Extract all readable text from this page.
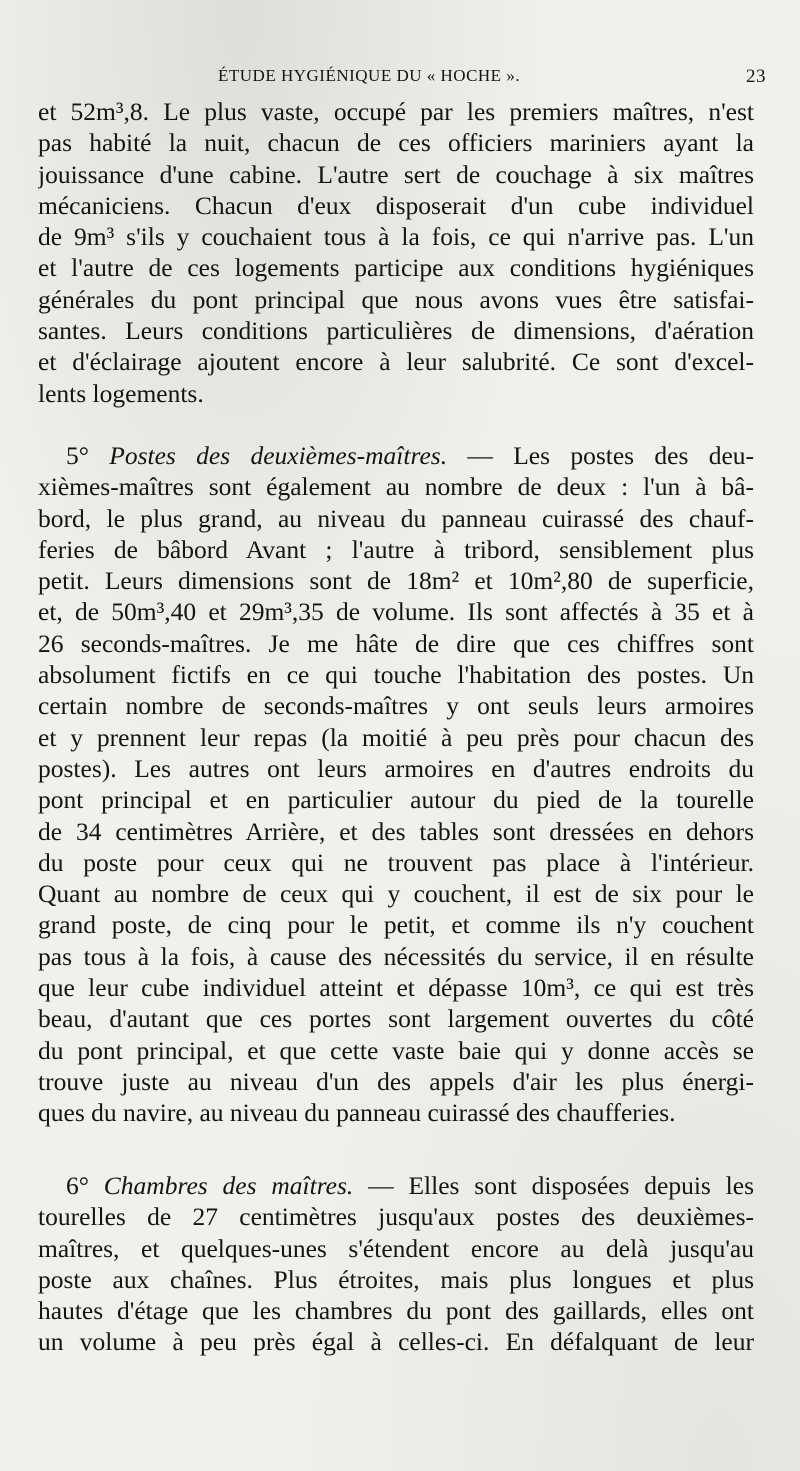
ÉTUDE HYGIÉNIQUE DU « HOCHE ».	23
et 52m³,8. Le plus vaste, occupé par les premiers maîtres, n'est
pas habité la nuit, chacun de ces officiers mariniers ayant la
jouissance d'une cabine. L'autre sert de couchage à six maîtres
mécaniciens. Chacun d'eux disposerait d'un cube individuel
de 9m³ s'ils y couchaient tous à la fois, ce qui n'arrive pas. L'un
et l'autre de ces logements participe aux conditions hygiéniques
générales du pont principal que nous avons vues être satisfai-
santes. Leurs conditions particulières de dimensions, d'aération
et d'éclairage ajoutent encore à leur salubrité. Ce sont d'excel-
lents logements.
5° Postes des deuxièmes-maîtres. — Les postes des deu-
xièmes-maîtres sont également au nombre de deux : l'un à bâ-
bord, le plus grand, au niveau du panneau cuirassé des chauf-
feries de bâbord Avant ; l'autre à tribord, sensiblement plus
petit. Leurs dimensions sont de 18m² et 10m²,80 de superficie,
et, de 50m³,40 et 29m³,35 de volume. Ils sont affectés à 35 et à
26 seconds-maîtres. Je me hâte de dire que ces chiffres sont
absolument fictifs en ce qui touche l'habitation des postes. Un
certain nombre de seconds-maîtres y ont seuls leurs armoires
et y prennent leur repas (la moitié à peu près pour chacun des
postes). Les autres ont leurs armoires en d'autres endroits du
pont principal et en particulier autour du pied de la tourelle
de 34 centimètres Arrière, et des tables sont dressées en dehors
du poste pour ceux qui ne trouvent pas place à l'intérieur.
Quant au nombre de ceux qui y couchent, il est de six pour le
grand poste, de cinq pour le petit, et comme ils n'y couchent
pas tous à la fois, à cause des nécessités du service, il en résulte
que leur cube individuel atteint et dépasse 10m³, ce qui est très
beau, d'autant que ces portes sont largement ouvertes du côté
du pont principal, et que cette vaste baie qui y donne accès se
trouve juste au niveau d'un des appels d'air les plus énergi-
ques du navire, au niveau du panneau cuirassé des chaufferies.
6° Chambres des maîtres. — Elles sont disposées depuis les
tourelles de 27 centimètres jusqu'aux postes des deuxièmes-
maîtres, et quelques-unes s'étendent encore au delà jusqu'au
poste aux chaînes. Plus étroites, mais plus longues et plus
hautes d'étage que les chambres du pont des gaillards, elles ont
un volume à peu près égal à celles-ci. En défalquant de leur
